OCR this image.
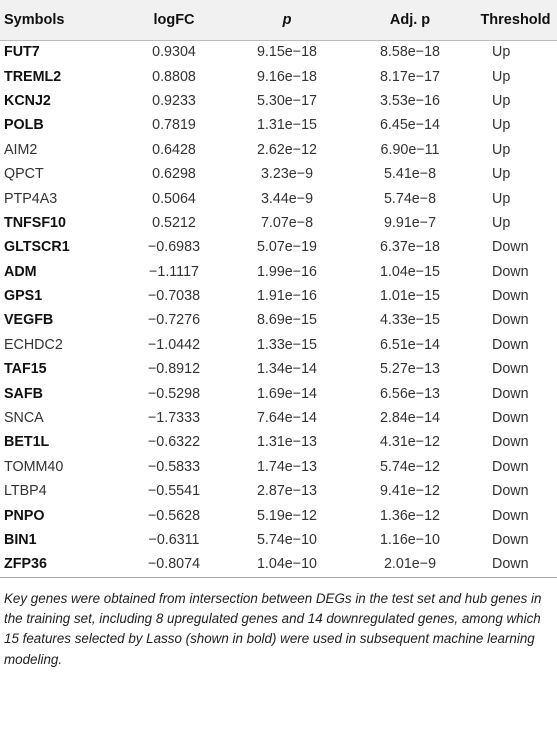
Symbols	logFC	p	Adj. p	Threshold
FUT7	0.9304	9.15e−18	8.58e−18	Up
TREML2	0.8808	9.16e−18	8.17e−17	Up
KCNJ2	0.9233	5.30e−17	3.53e−16	Up
POLB	0.7819	1.31e−15	6.45e−14	Up
AIM2	0.6428	2.62e−12	6.90e−11	Up
QPCT	0.6298	3.23e−9	5.41e−8	Up
PTP4A3	0.5064	3.44e−9	5.74e−8	Up
TNFSF10	0.5212	7.07e−8	9.91e−7	Up
GLTSCR1	−0.6983	5.07e−19	6.37e−18	Down
ADM	−1.1117	1.99e−16	1.04e−15	Down
GPS1	−0.7038	1.91e−16	1.01e−15	Down
VEGFB	−0.7276	8.69e−15	4.33e−15	Down
ECHDC2	−1.0442	1.33e−15	6.51e−14	Down
TAF15	−0.8912	1.34e−14	5.27e−13	Down
SAFB	−0.5298	1.69e−14	6.56e−13	Down
SNCA	−1.7333	7.64e−14	2.84e−14	Down
BET1L	−0.6322	1.31e−13	4.31e−12	Down
TOMM40	−0.5833	1.74e−13	5.74e−12	Down
LTBP4	−0.5541	2.87e−13	9.41e−12	Down
PNPO	−0.5628	5.19e−12	1.36e−12	Down
BIN1	−0.6311	5.74e−10	1.16e−10	Down
ZFP36	−0.8074	1.04e−10	2.01e−9	Down

Key genes were obtained from intersection between DEGs in the test set and hub genes in the training set, including 8 upregulated genes and 14 downregulated genes, among which 15 features selected by Lasso (shown in bold) were used in subsequent machine learning modeling.
